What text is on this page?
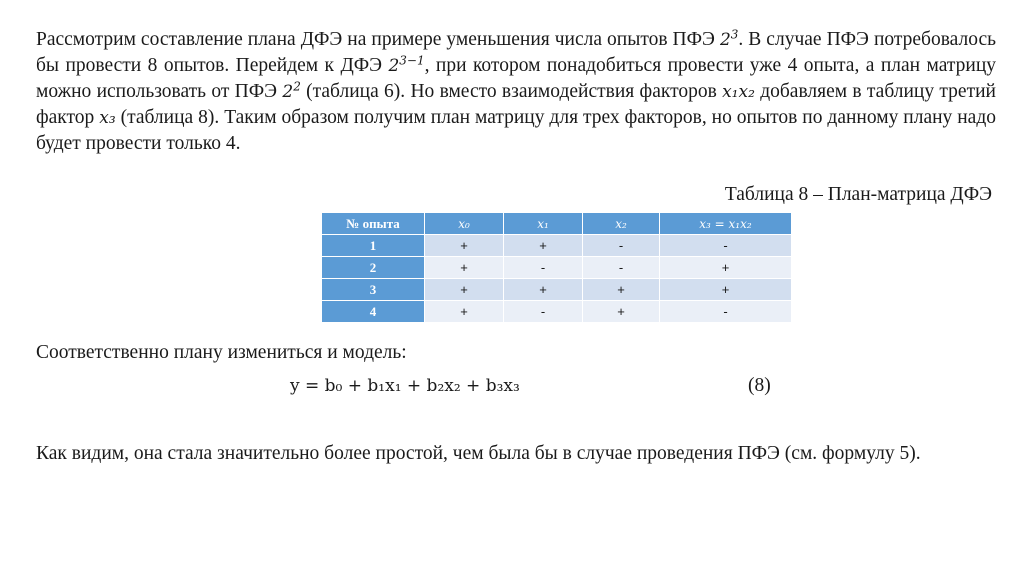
Рассмотрим составление плана ДФЭ на примере уменьшения числа опытов ПФЭ $2^3$. В случае ПФЭ потребовалось бы провести 8 опытов. Перейдем к ДФЭ $2^{3-1}$, при котором понадобиться провести уже 4 опыта, а план матрицу можно использовать от ПФЭ $2^2$ (таблица 6). Но вместо взаимодействия факторов x₁x₂ добавляем в таблицу третий фактор x₃ (таблица 8). Таким образом получим план матрицу для трех факторов, но опытов по данному плану надо будет провести только 4.

Таблица 8 – План-матрица ДФЭ

№ опыта	x₀	x₁	x₂	x₃ = x₁x₂
1	+	+	-	-
2	+	-	-	+
3	+	+	+	+
4	+	-	+	-

Соответственно плану измениться и модель:

y = b₀ + b₁x₁ + b₂x₂ + b₃x₃	(8)

Как видим, она стала значительно более простой, чем была бы в случае проведения ПФЭ (см. формулу 5).
